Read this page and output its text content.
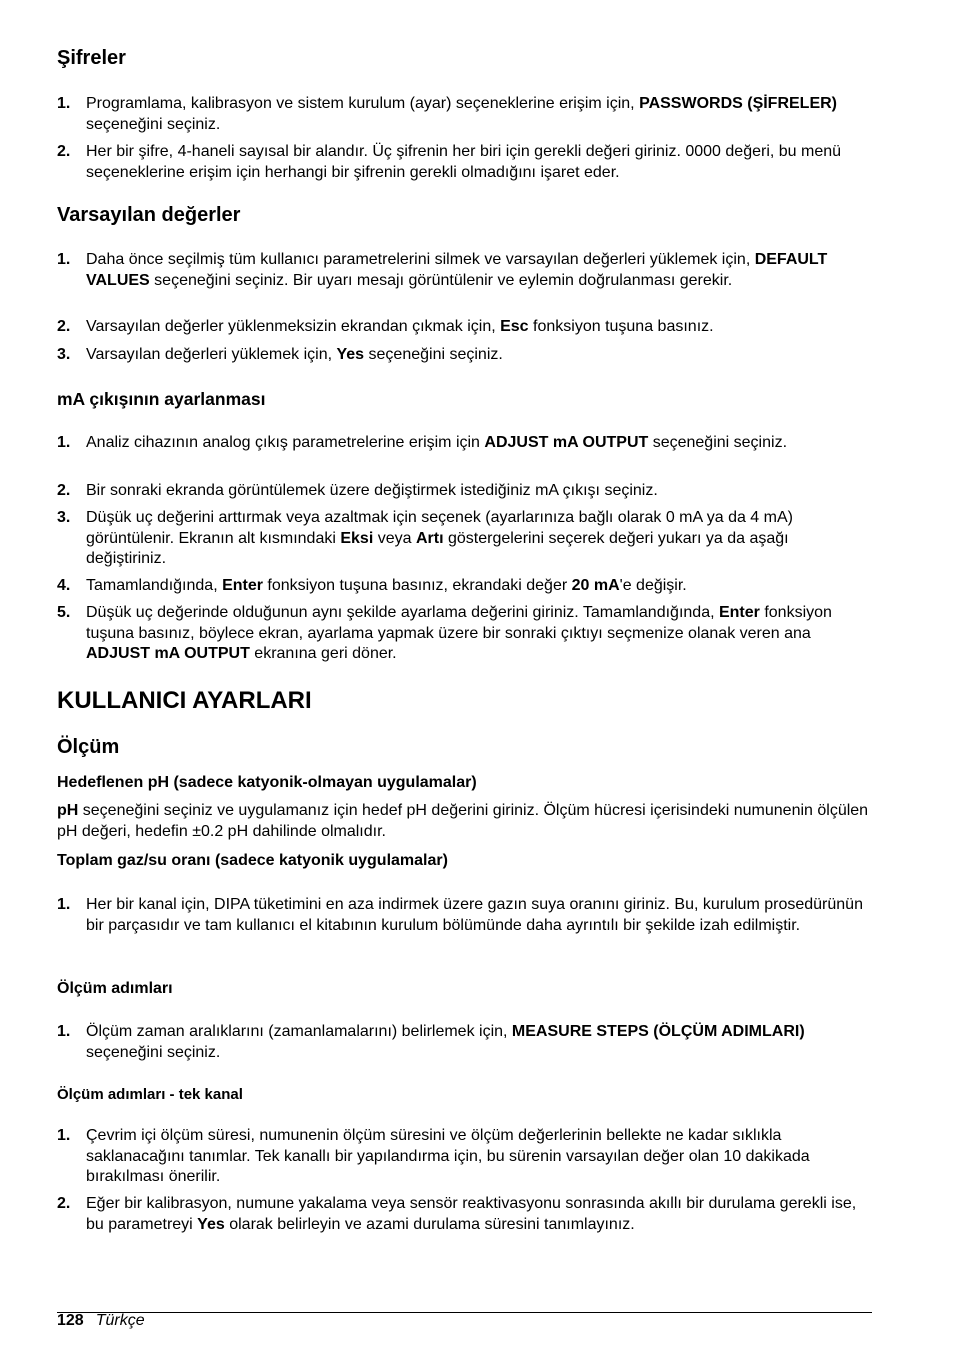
Şifreler
1. Programlama, kalibrasyon ve sistem kurulum (ayar) seçeneklerine erişim için, PASSWORDS (ŞİFRELER) seçeneğini seçiniz.
2. Her bir şifre, 4-haneli sayısal bir alandır. Üç şifrenin her biri için gerekli değeri giriniz. 0000 değeri, bu menü seçeneklerine erişim için herhangi bir şifrenin gerekli olmadığını işaret eder.
Varsayılan değerler
1. Daha önce seçilmiş tüm kullanıcı parametrelerini silmek ve varsayılan değerleri yüklemek için, DEFAULT VALUES seçeneğini seçiniz. Bir uyarı mesajı görüntülenir ve eylemin doğrulanması gerekir.
2. Varsayılan değerler yüklenmeksizin ekrandan çıkmak için, Esc fonksiyon tuşuna basınız.
3. Varsayılan değerleri yüklemek için, Yes seçeneğini seçiniz.
mA çıkışının ayarlanması
1. Analiz cihazının analog çıkış parametrelerine erişim için ADJUST mA OUTPUT seçeneğini seçiniz.
2. Bir sonraki ekranda görüntülemek üzere değiştirmek istediğiniz mA çıkışı seçiniz.
3. Düşük uç değerini arttırmak veya azaltmak için seçenek (ayarlarınıza bağlı olarak 0 mA ya da 4 mA) görüntülenir. Ekranın alt kısmındaki Eksi veya Artı göstergelerini seçerek değeri yukarı ya da aşağı değiştiriniz.
4. Tamamlandığında, Enter fonksiyon tuşuna basınız, ekrandaki değer 20 mA'e değişir.
5. Düşük uç değerinde olduğunun aynı şekilde ayarlama değerini giriniz. Tamamlandığında, Enter fonksiyon tuşuna basınız, böylece ekran, ayarlama yapmak üzere bir sonraki çıktıyı seçmenize olanak veren ana ADJUST mA OUTPUT ekranına geri döner.
KULLANICI AYARLARI
Ölçüm
Hedeflenen pH (sadece katyonik-olmayan uygulamalar)

pH seçeneğini seçiniz ve uygulamanız için hedef pH değerini giriniz. Ölçüm hücresi içerisindeki numunenin ölçülen pH değeri, hedefin ±0.2 pH dahilinde olmalıdır.

Toplam gaz/su oranı (sadece katyonik uygulamalar)
1. Her bir kanal için, DIPA tüketimini en aza indirmek üzere gazın suya oranını giriniz. Bu, kurulum prosedürünün bir parçasıdır ve tam kullanıcı el kitabının kurulum bölümünde daha ayrıntılı bir şekilde izah edilmiştir.
Ölçüm adımları
1. Ölçüm zaman aralıklarını (zamanlamalarını) belirlemek için, MEASURE STEPS (ÖLÇÜM ADIMLARI) seçeneğini seçiniz.
Ölçüm adımları - tek kanal
1. Çevrim içi ölçüm süresi, numunenin ölçüm süresini ve ölçüm değerlerinin bellekte ne kadar sıklıkla saklanacağını tanımlar. Tek kanallı bir yapılandırma için, bu sürenin varsayılan değer olan 10 dakikada bırakılması önerilir.
2. Eğer bir kalibrasyon, numune yakalama veya sensör reaktivasyonu sonrasında akıllı bir durulama gerekli ise, bu parametreyi Yes olarak belirleyin ve azami durulama süresini tanımlayınız.
128 Türkçe
